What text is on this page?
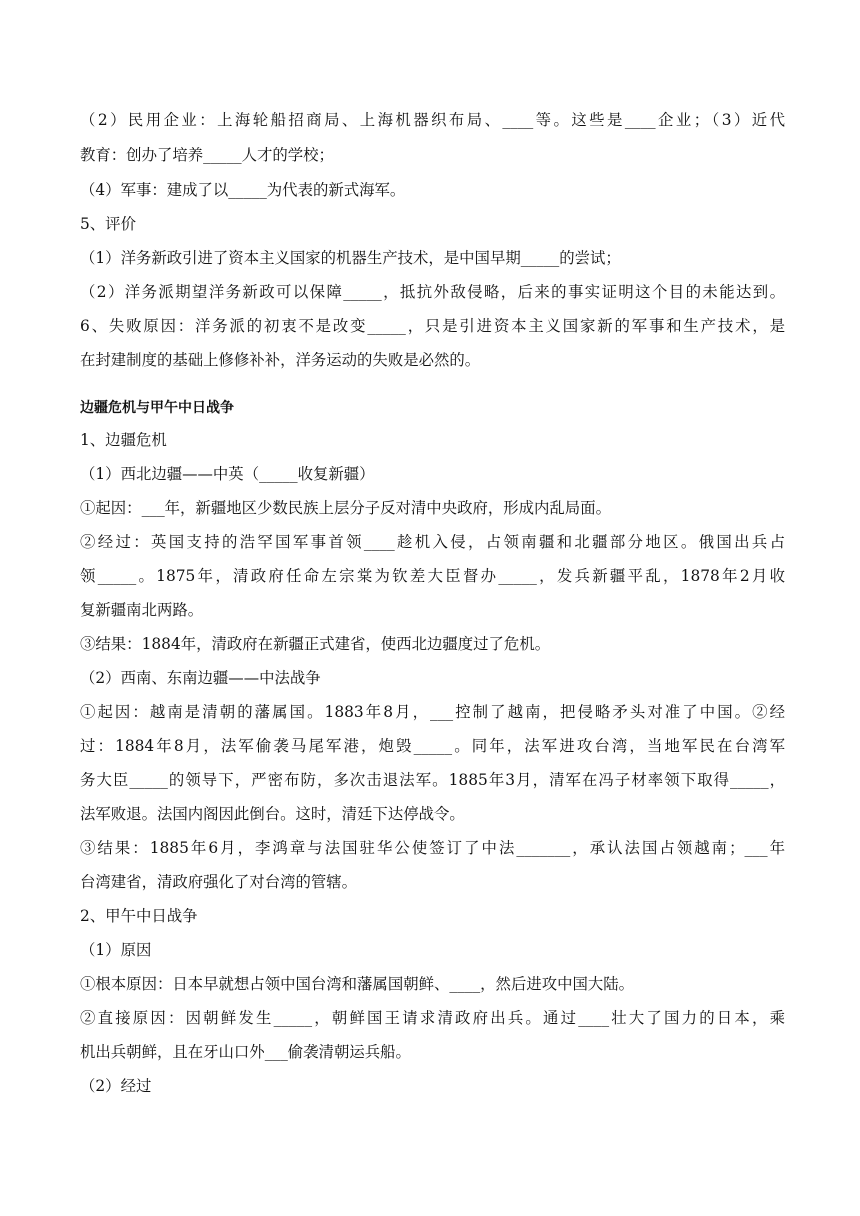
（2）民用企业：上海轮船招商局、上海机器织布局、____等。这些是____企业；（3）近代
教育：创办了培养_____人才的学校；
（4）军事：建成了以_____为代表的新式海军。
5、评价
（1）洋务新政引进了资本主义国家的机器生产技术，是中国早期_____的尝试；
（2）洋务派期望洋务新政可以保障_____，抵抗外敌侵略，后来的事实证明这个目的未能达到。
6、失败原因：洋务派的初衷不是改变_____，只是引进资本主义国家新的军事和生产技术，是
在封建制度的基础上修修补补，洋务运动的失败是必然的。
边疆危机与甲午中日战争
1、边疆危机
（1）西北边疆——中英（_____收复新疆）
①起因：___年，新疆地区少数民族上层分子反对清中央政府，形成内乱局面。
②经过：英国支持的浩罕国军事首领____趁机入侵，占领南疆和北疆部分地区。俄国出兵占
领_____。1875年，清政府任命左宗棠为钦差大臣督办_____，发兵新疆平乱，1878年2月收
复新疆南北两路。
③结果：1884年，清政府在新疆正式建省，使西北边疆度过了危机。
（2）西南、东南边疆——中法战争
①起因：越南是清朝的藩属国。1883年8月，___控制了越南，把侵略矛头对准了中国。②经
过：1884年8月，法军偷袭马尾军港，炮毁_____。同年，法军进攻台湾，当地军民在台湾军
务大臣_____的领导下，严密布防，多次击退法军。1885年3月，清军在冯子材率领下取得_____，
法军败退。法国内阁因此倒台。这时，清廷下达停战令。
③结果：1885年6月，李鸿章与法国驻华公使签订了中法_______，承认法国占领越南；___年
台湾建省，清政府强化了对台湾的管辖。
2、甲午中日战争
（1）原因
①根本原因：日本早就想占领中国台湾和藩属国朝鲜、____，然后进攻中国大陆。
②直接原因：因朝鲜发生_____，朝鲜国王请求清政府出兵。通过____壮大了国力的日本，乘
机出兵朝鲜，且在牙山口外___偷袭清朝运兵船。
（2）经过
